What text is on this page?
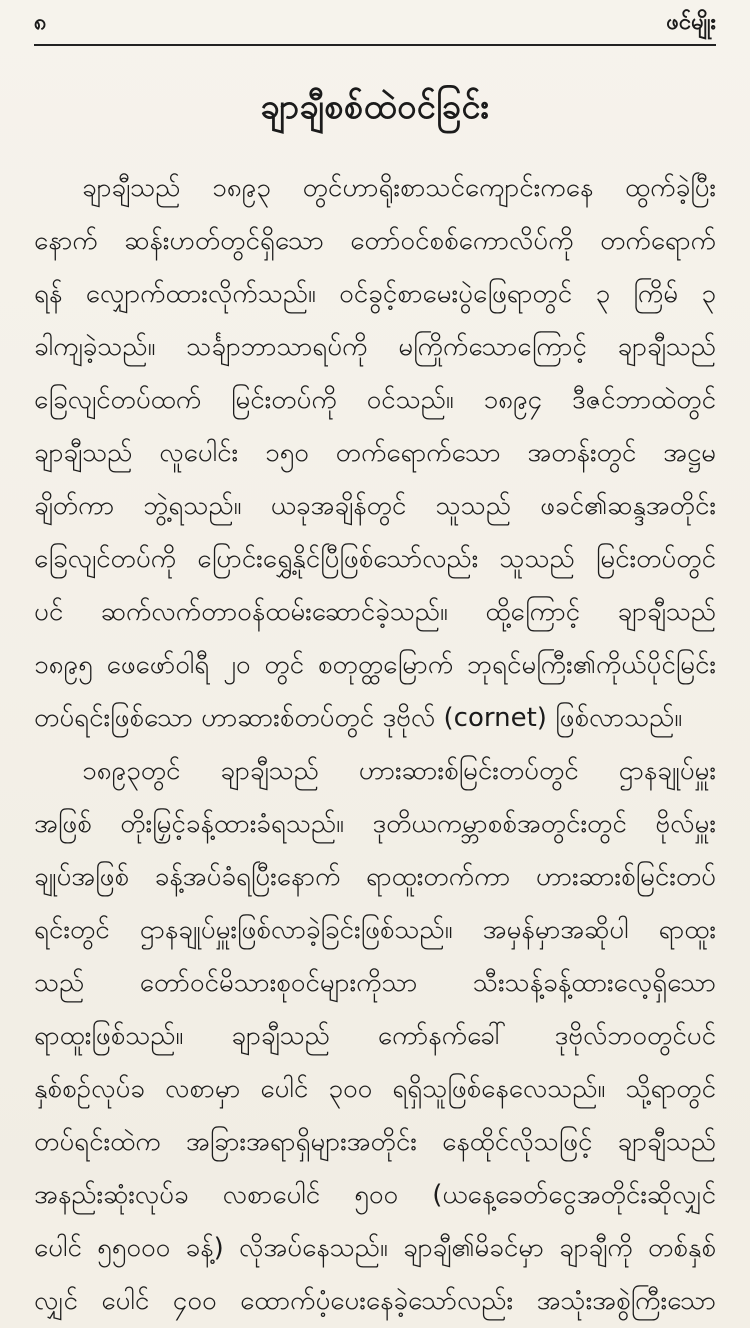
၈	ဖင်မျိုး
ချာချီစစ်ထဲဝင်ခြင်း
ချာချီသည် ၁၈၉၃ တွင်ဟာရိုးစာသင်ကျောင်းကနေ ထွက်ခဲ့ပြီး
နောက် ဆန်းဟတ်တွင်ရှိသော တော်ဝင်စစ်ကောလိပ်ကို တက်ရောက်
ရန် လျှောက်ထားလိုက်သည်။ ဝင်ခွင့်စာမေးပွဲဖြေရာတွင် ၃ ကြိမ် ၃
ခါကျခဲ့သည်။ သင်္ချာဘာသာရပ်ကို မကြိုက်သောကြောင့် ချာချီသည်
ခြေလျင်တပ်ထက် မြင်းတပ်ကို ဝင်သည်။ ၁၈၉၄ ဒီဇင်ဘာထဲတွင်
ချာချီသည် လူပေါင်း ၁၅၀ တက်ရောက်သော အတန်းတွင် အဋ္ဌမ
ချိတ်ကာ ဘွဲ့ရသည်။ ယခုအချိန်တွင် သူသည် ဖခင်၏ဆန္ဒအတိုင်း
ခြေလျင်တပ်ကို ပြောင်းရွှေ့နိုင်ပြီဖြစ်သော်လည်း သူသည် မြင်းတပ်တွင်
ပင် ဆက်လက်တာဝန်ထမ်းဆောင်ခဲ့သည်။ ထို့ကြောင့် ချာချီသည်
၁၈၉၅ ဖေဖော်ဝါရီ ၂၀ တွင် စတုတ္ထမြောက် ဘုရင်မကြီး၏ကိုယ်ပိုင်မြင်း
တပ်ရင်းဖြစ်သော ဟာဆားစ်တပ်တွင် ဒုဗိုလ် (cornet) ဖြစ်လာသည်။
၁၈၉၃တွင် ချာချီသည် ဟားဆားစ်မြင်းတပ်တွင် ဌာနချုပ်မှူး
အဖြစ် တိုးမြှင့်ခန့်ထားခံရသည်။ ဒုတိယကမ္ဘာစစ်အတွင်းတွင် ဗိုလ်မှူး
ချုပ်အဖြစ် ခန့်အပ်ခံရပြီးနောက် ရာထူးတက်ကာ ဟားဆားစ်မြင်းတပ်
ရင်းတွင် ဌာနချုပ်မှူးဖြစ်လာခဲ့ခြင်းဖြစ်သည်။ အမှန်မှာအဆိုပါ ရာထူး
သည် တော်ဝင်မိသားစုဝင်များကိုသာ သီးသန့်ခန့်ထားလေ့ရှိသော
ရာထူးဖြစ်သည်။ ချာချီသည် ကော်နက်ခေါ် ဒုဗိုလ်ဘဝတွင်ပင်
နှစ်စဉ်လုပ်ခ လစာမှာ ပေါင် ၃၀၀ ရရှိသူဖြစ်နေလေသည်။ သို့ရာတွင်
တပ်ရင်းထဲက အခြားအရာရှိများအတိုင်း နေထိုင်လိုသဖြင့် ချာချီသည်
အနည်းဆုံးလုပ်ခ လစာပေါင် ၅၀၀ (ယနေ့ခေတ်ငွေအတိုင်းဆိုလျှင်
ပေါင် ၅၅၀၀၀ ခန့်) လိုအပ်နေသည်။ ချာချီ၏မိခင်မှာ ချာချီကို တစ်နှစ်
လျှင် ပေါင် ၄၀၀ ထောက်ပံ့ပေးနေခဲ့သော်လည်း အသုံးအစွဲကြီးသော
